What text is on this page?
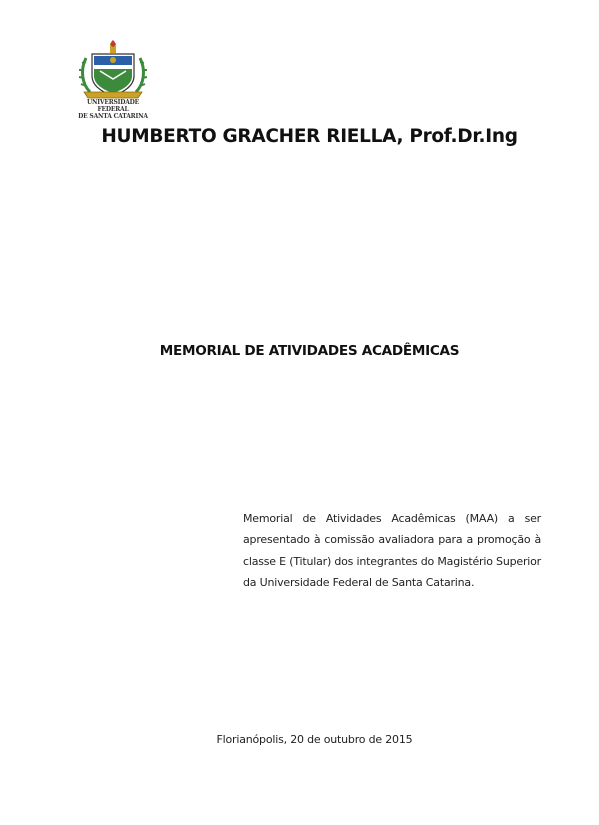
UNIVERSIDADE FEDERAL
DE SANTA CATARINA
HUMBERTO GRACHER RIELLA, Prof.Dr.Ing
MEMORIAL DE ATIVIDADES ACADÊMICAS
Memorial de Atividades Acadêmicas (MAA) a ser apresentado à comissão avaliadora para a promoção à classe E (Titular) dos integrantes do Magistério Superior da Universidade Federal de Santa Catarina.
Florianópolis, 20 de outubro de 2015
